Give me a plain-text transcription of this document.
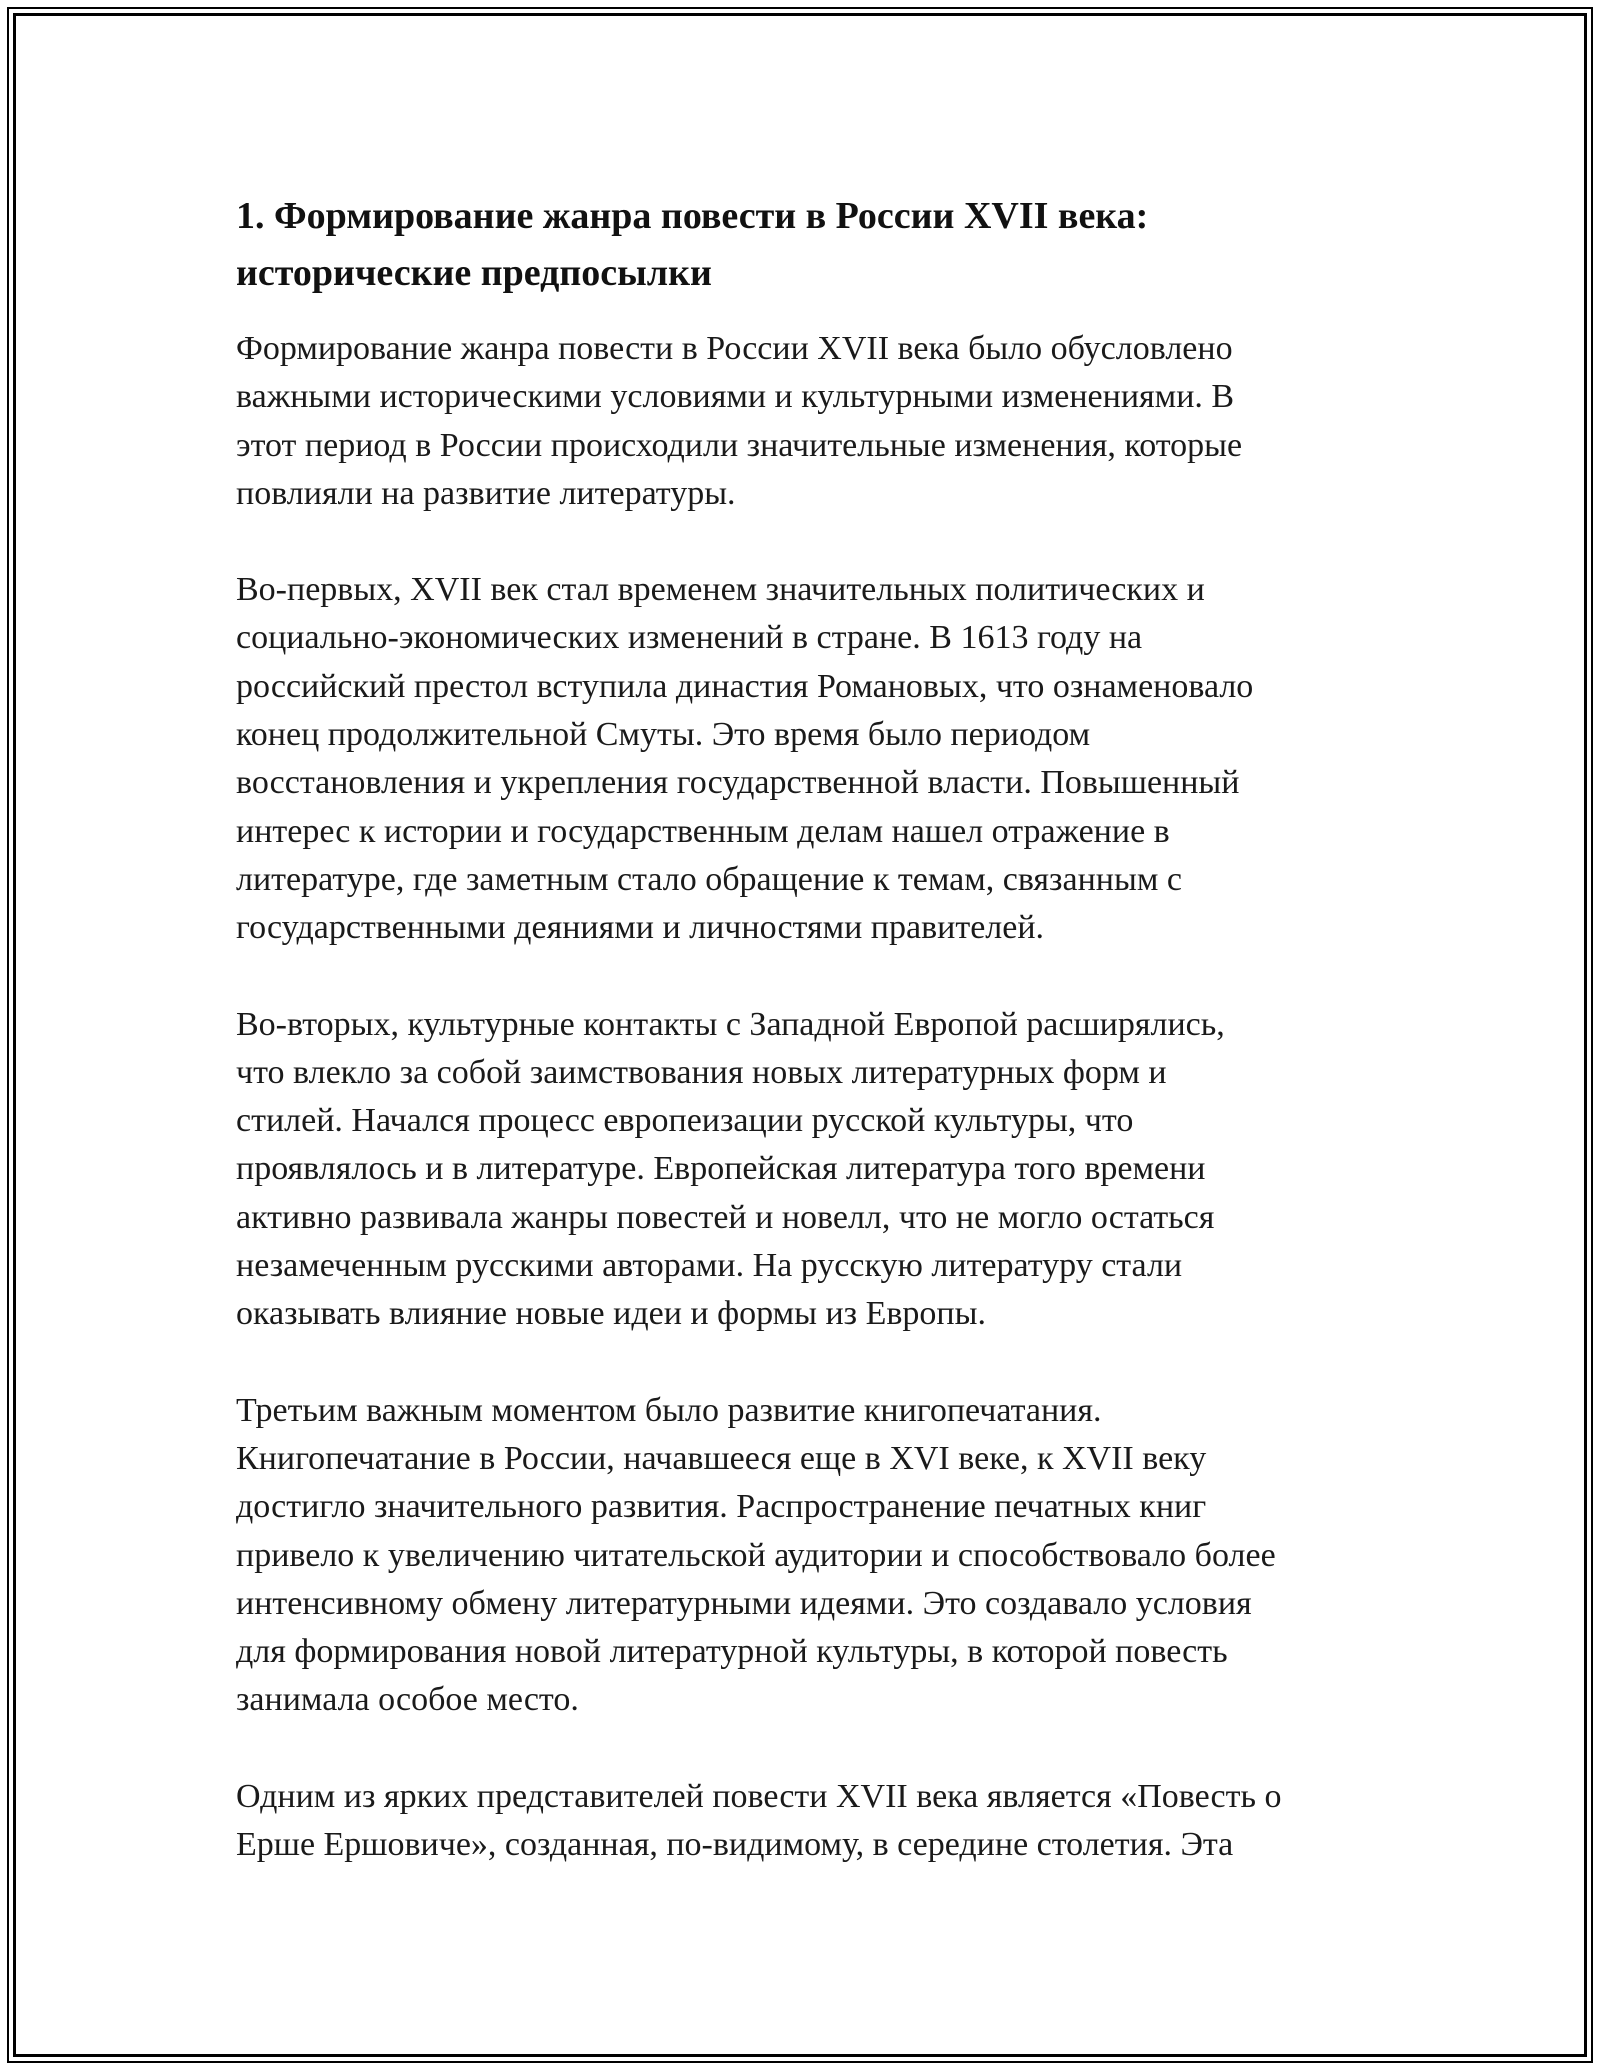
1. Формирование жанра повести в России XVII века:
исторические предпосылки

Формирование жанра повести в России XVII века было обусловлено
важными историческими условиями и культурными изменениями. В
этот период в России происходили значительные изменения, которые
повлияли на развитие литературы.

Во-первых, XVII век стал временем значительных политических и
социально-экономических изменений в стране. В 1613 году на
российский престол вступила династия Романовых, что ознаменовало
конец продолжительной Смуты. Это время было периодом
восстановления и укрепления государственной власти. Повышенный
интерес к истории и государственным делам нашел отражение в
литературе, где заметным стало обращение к темам, связанным с
государственными деяниями и личностями правителей.

Во-вторых, культурные контакты с Западной Европой расширялись,
что влекло за собой заимствования новых литературных форм и
стилей. Начался процесс европеизации русской культуры, что
проявлялось и в литературе. Европейская литература того времени
активно развивала жанры повестей и новелл, что не могло остаться
незамеченным русскими авторами. На русскую литературу стали
оказывать влияние новые идеи и формы из Европы.

Третьим важным моментом было развитие книгопечатания.
Книгопечатание в России, начавшееся еще в XVI веке, к XVII веку
достигло значительного развития. Распространение печатных книг
привело к увеличению читательской аудитории и способствовало более
интенсивному обмену литературными идеями. Это создавало условия
для формирования новой литературной культуры, в которой повесть
занимала особое место.

Одним из ярких представителей повести XVII века является «Повесть о
Ерше Ершовиче», созданная, по-видимому, в середине столетия. Эта
